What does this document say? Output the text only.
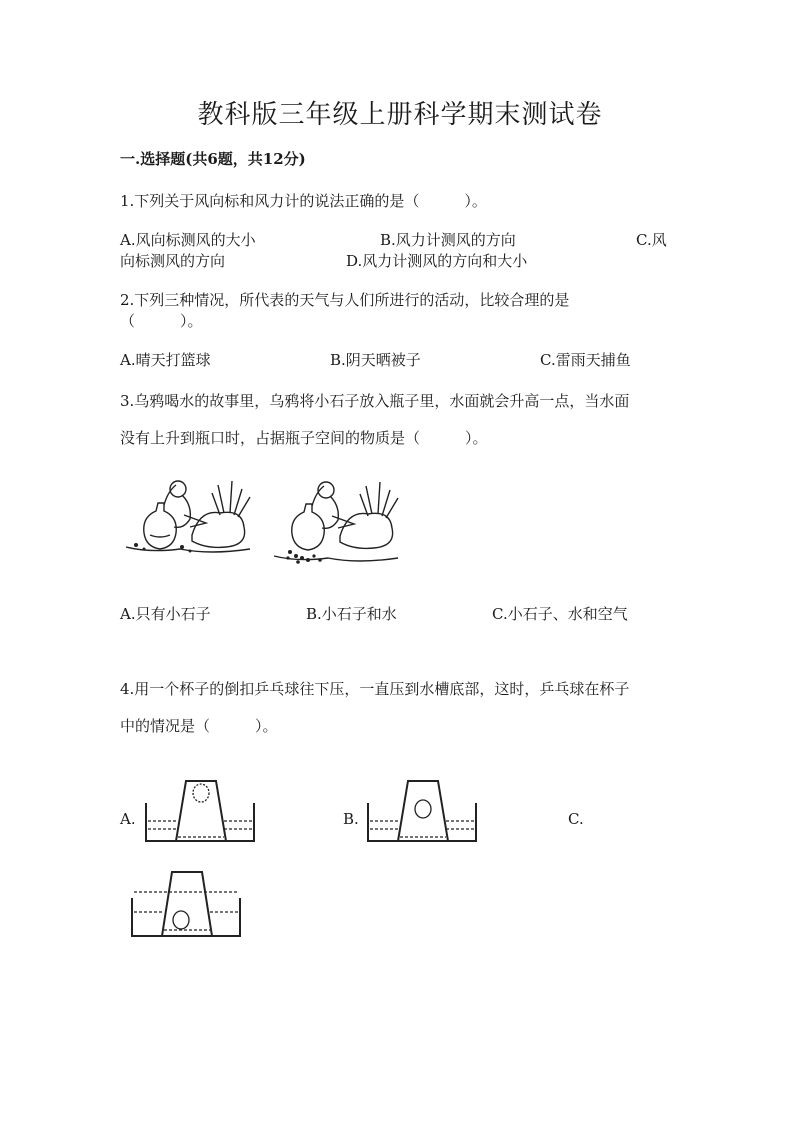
教科版三年级上册科学期末测试卷
一.选择题(共6题，共12分)
1.下列关于风向标和风力计的说法正确的是（　　　）。
A.风向标测风的大小	B.风力计测风的方向	C.风
向标测风的方向	D.风力计测风的方向和大小
2.下列三种情况，所代表的天气与人们所进行的活动，比较合理的是
（　　　）。
A.晴天打篮球	B.阴天晒被子	C.雷雨天捕鱼
3.乌鸦喝水的故事里，乌鸦将小石子放入瓶子里，水面就会升高一点，当水面
没有上升到瓶口时，占据瓶子空间的物质是（　　　）。
A.只有小石子	B.小石子和水	C.小石子、水和空气
4.用一个杯子的倒扣乒乓球往下压，一直压到水槽底部，这时，乒乓球在杯子
中的情况是（　　　）。
A.	B.	C.
